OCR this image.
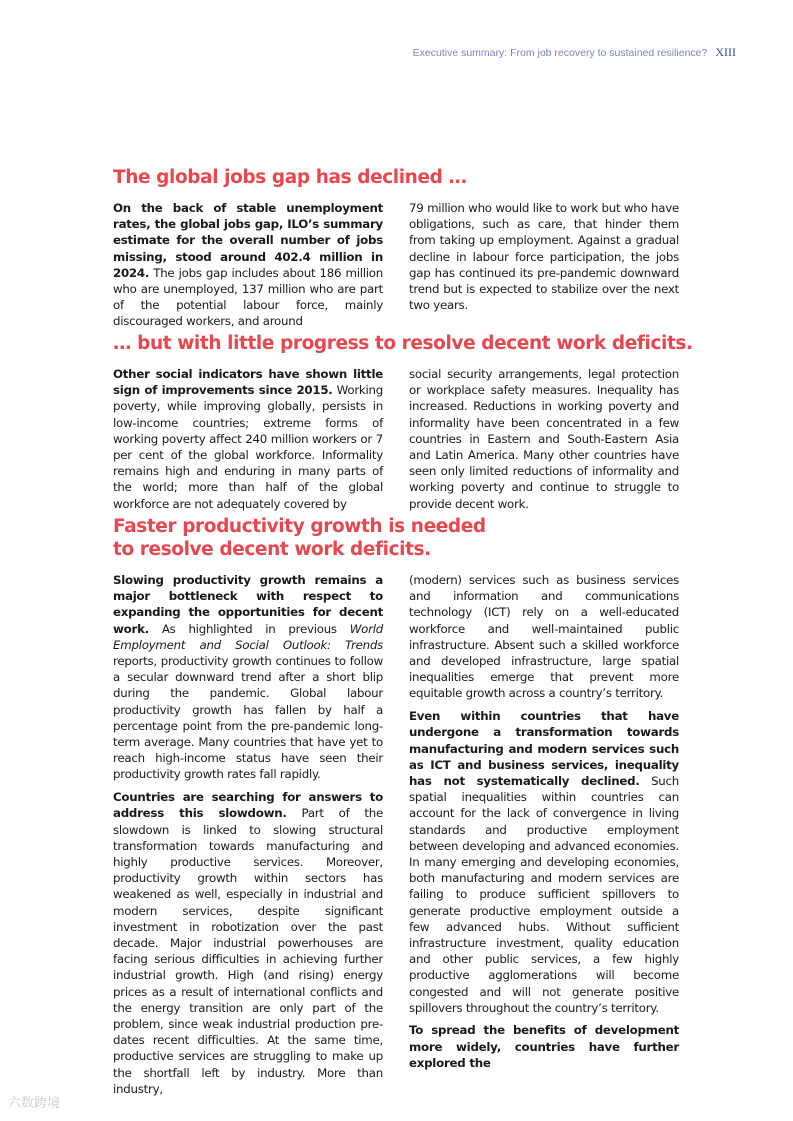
Executive summary: From job recovery to sustained resilience? XIII
The global jobs gap has declined …

On the back of stable unemployment rates, the global jobs gap, ILO’s summary estimate for the overall number of jobs missing, stood around 402.4 million in 2024. The jobs gap includes about 186 million who are unemployed, 137 million who are part of the potential labour force, mainly discouraged workers, and around

79 million who would like to work but who have obligations, such as care, that hinder them from taking up employment. Against a gradual decline in labour force participation, the jobs gap has continued its pre-pandemic downward trend but is expected to stabilize over the next two years.

… but with little progress to resolve decent work deficits.

Other social indicators have shown little sign of improvements since 2015. Working poverty, while improving globally, persists in low-income countries; extreme forms of working poverty affect 240 million workers or 7 per cent of the global workforce. Informality remains high and enduring in many parts of the world; more than half of the global workforce are not adequately covered by

social security arrangements, legal protection or workplace safety measures. Inequality has increased. Reductions in working poverty and informality have been concentrated in a few countries in Eastern and South-Eastern Asia and Latin America. Many other countries have seen only limited reductions of informality and working poverty and continue to struggle to provide decent work.

Faster productivity growth is needed
to resolve decent work deficits.

Slowing productivity growth remains a major bottleneck with respect to expanding the opportunities for decent work. As highlighted in previous World Employment and Social Outlook: Trends reports, productivity growth continues to follow a secular downward trend after a short blip during the pandemic. Global labour productivity growth has fallen by half a percentage point from the pre-pandemic long-term average. Many countries that have yet to reach high-income status have seen their productivity growth rates fall rapidly.

Countries are searching for answers to address this slowdown. Part of the slowdown is linked to slowing structural transformation towards manufacturing and highly productive services. Moreover, productivity growth within sectors has weakened as well, especially in industrial and modern services, despite significant investment in robotization over the past decade. Major industrial powerhouses are facing serious difficulties in achieving further industrial growth. High (and rising) energy prices as a result of international conflicts and the energy transition are only part of the problem, since weak industrial production pre-dates recent difficulties. At the same time, productive services are struggling to make up the shortfall left by industry. More than industry,

(modern) services such as business services and information and communications technology (ICT) rely on a well-educated workforce and well-maintained public infrastructure. Absent such a skilled workforce and developed infrastructure, large spatial inequalities emerge that prevent more equitable growth across a country’s territory.

Even within countries that have undergone a transformation towards manufacturing and modern services such as ICT and business services, inequality has not systematically declined. Such spatial inequalities within countries can account for the lack of convergence in living standards and productive employment between developing and advanced economies. In many emerging and developing economies, both manufacturing and modern services are failing to produce sufficient spillovers to generate productive employment outside a few advanced hubs. Without sufficient infrastructure investment, quality education and other public services, a few highly productive agglomerations will become congested and will not generate positive spillovers throughout the country’s territory.

To spread the benefits of development more widely, countries have further explored the

六数跨境
